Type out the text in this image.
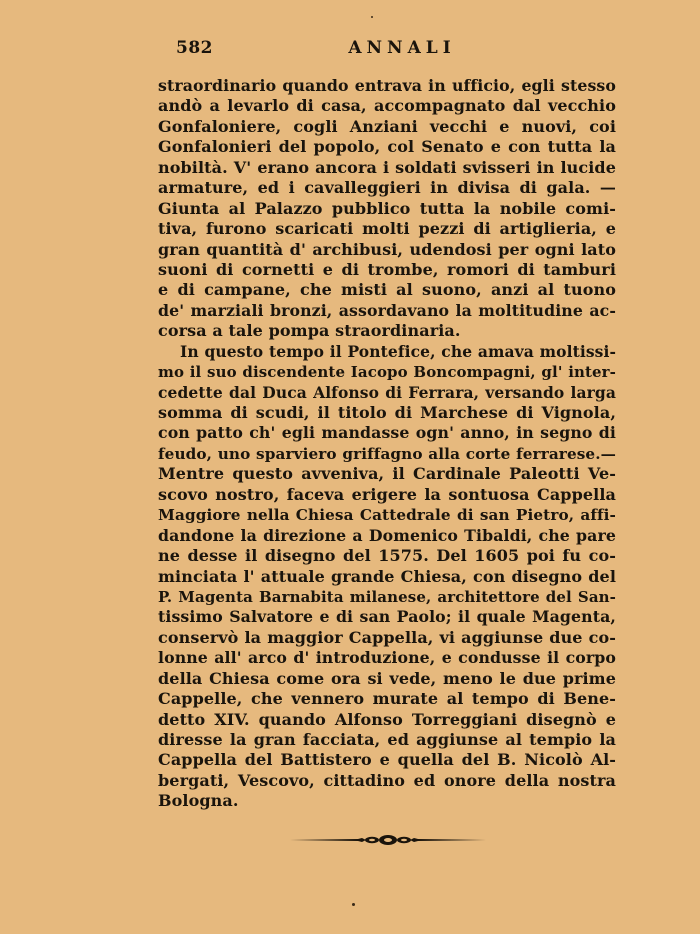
582	ANNALI
straordinario quando entrava in ufficio, egli stesso
andò a levarlo di casa, accompagnato dal vecchio
Gonfaloniere, cogli Anziani vecchi e nuovi, coi
Gonfalonieri del popolo, col Senato e con tutta la
nobiltà. V' erano ancora i soldati svisseri in lucide
armature, ed i cavalleggieri in divisa di gala. —
Giunta al Palazzo pubblico tutta la nobile comi-
tiva, furono scaricati molti pezzi di artiglieria, e
gran quantità d' archibusi, udendosi per ogni lato
suoni di cornetti e di trombe, romori di tamburi
e di campane, che misti al suono, anzi al tuono
de' marziali bronzi, assordavano la moltitudine ac-
corsa a tale pompa straordinaria.
In questo tempo il Pontefice, che amava moltissi-
mo il suo discendente Iacopo Boncompagni, gl' inter-
cedette dal Duca Alfonso di Ferrara, versando larga
somma di scudi, il titolo di Marchese di Vignola,
con patto ch' egli mandasse ogn' anno, in segno di
feudo, uno sparviero griffagno alla corte ferrarese.—
Mentre questo avveniva, il Cardinale Paleotti Ve-
scovo nostro, faceva erigere la sontuosa Cappella
Maggiore nella Chiesa Cattedrale di san Pietro, affi-
dandone la direzione a Domenico Tibaldi, che pare
ne desse il disegno del 1575. Del 1605 poi fu co-
minciata l' attuale grande Chiesa, con disegno del
P. Magenta Barnabita milanese, architettore del San-
tissimo Salvatore e di san Paolo; il quale Magenta,
conservò la maggior Cappella, vi aggiunse due co-
lonne all' arco d' introduzione, e condusse il corpo
della Chiesa come ora si vede, meno le due prime
Cappelle, che vennero murate al tempo di Bene-
detto XIV. quando Alfonso Torreggiani disegnò e
diresse la gran facciata, ed aggiunse al tempio la
Cappella del Battistero e quella del B. Nicolò Al-
bergati, Vescovo, cittadino ed onore della nostra
Bologna.
